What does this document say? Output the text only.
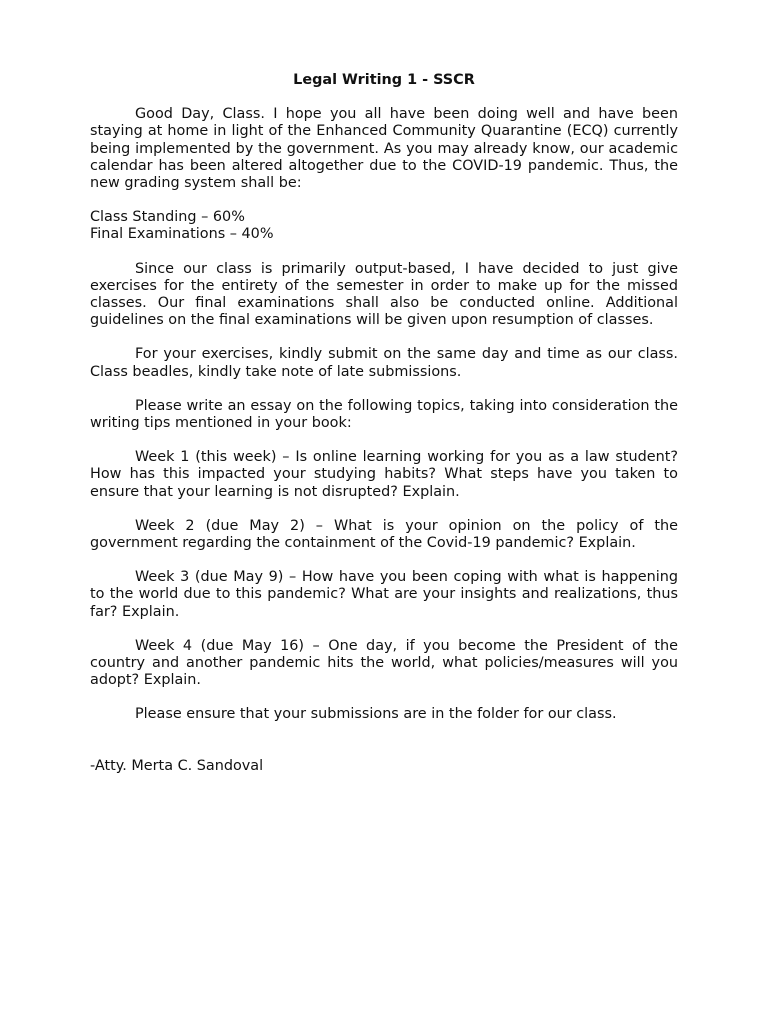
Legal Writing 1 - SSCR

Good Day, Class. I hope you all have been doing well and have been staying at home in light of the Enhanced Community Quarantine (ECQ) currently being implemented by the government. As you may already know, our academic calendar has been altered altogether due to the COVID-19 pandemic. Thus, the new grading system shall be:

Class Standing – 60%

Final Examinations – 40%

Since our class is primarily output-based, I have decided to just give exercises for the entirety of the semester in order to make up for the missed classes. Our final examinations shall also be conducted online. Additional guidelines on the final examinations will be given upon resumption of classes.

For your exercises, kindly submit on the same day and time as our class. Class beadles, kindly take note of late submissions.

Please write an essay on the following topics, taking into consideration the writing tips mentioned in your book:

Week 1 (this week) – Is online learning working for you as a law student? How has this impacted your studying habits? What steps have you taken to ensure that your learning is not disrupted? Explain.

Week 2 (due May 2) – What is your opinion on the policy of the government regarding the containment of the Covid-19 pandemic? Explain.

Week 3 (due May 9) – How have you been coping with what is happening to the world due to this pandemic? What are your insights and realizations, thus far? Explain.

Week 4 (due May 16) – One day, if you become the President of the country and another pandemic hits the world, what policies/measures will you adopt? Explain.

Please ensure that your submissions are in the folder for our class.

-Atty. Merta C. Sandoval
